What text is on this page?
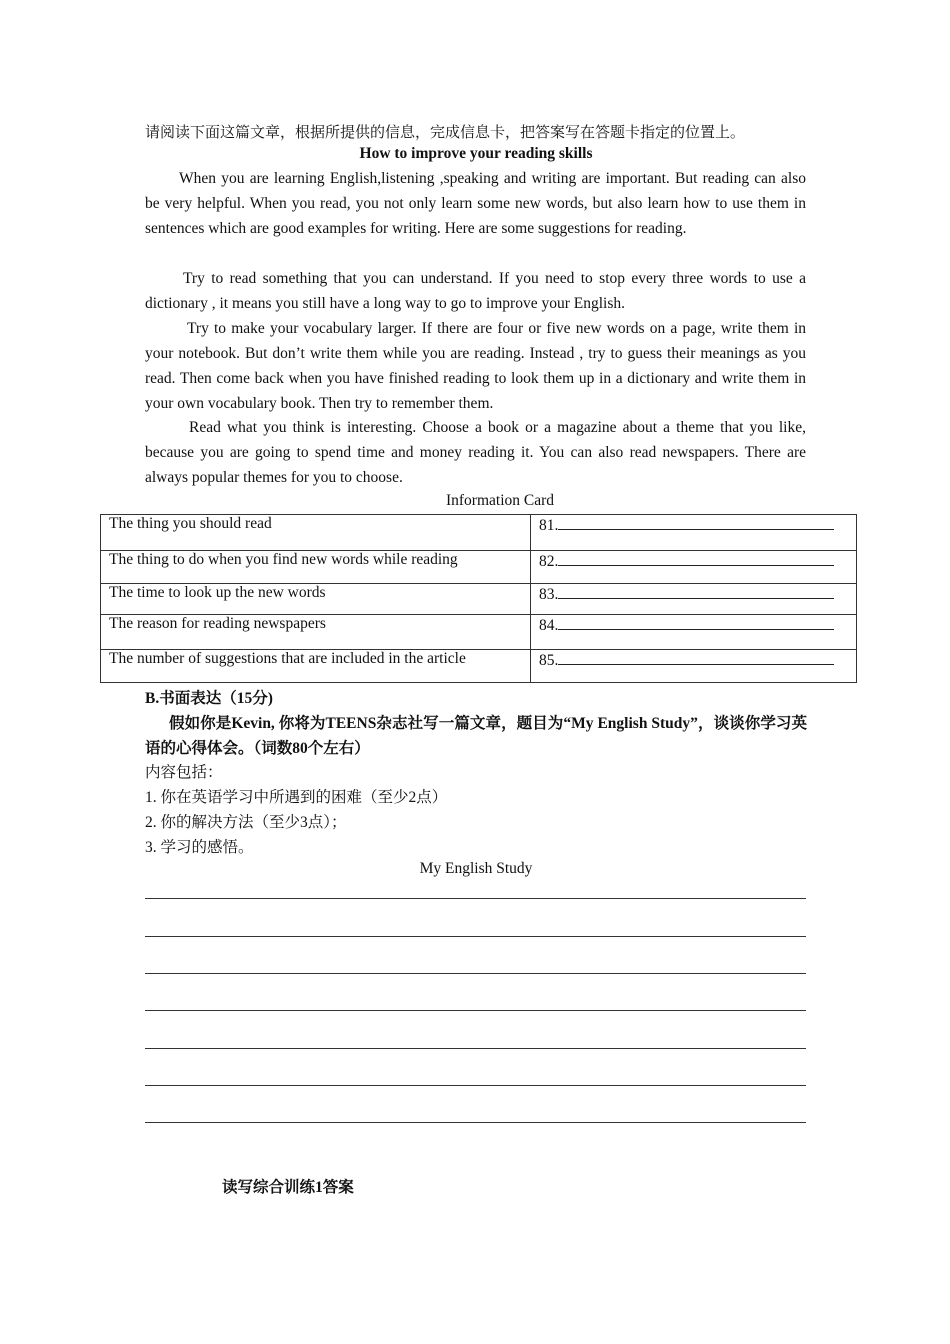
请阅读下面这篇文章，根据所提供的信息，完成信息卡，把答案写在答题卡指定的位置上。
How to improve your reading skills
When you are learning English,listening ,speaking and writing are important. But reading can also be very helpful. When you read, you not only learn some new words, but also learn how to use them in sentences which are good examples for writing. Here are some suggestions for reading.
Try to read something that you can understand. If you need to stop every three words to use a dictionary , it means you still have a long way to go to improve your English.
Try to make your vocabulary larger. If there are four or five new words on a page, write them in your notebook. But don’t write them while you are reading. Instead , try to guess their meanings as you read. Then come back when you have finished reading to look them up in a dictionary and write them in your own vocabulary book. Then try to remember them.
Read what you think is interesting. Choose a book or a magazine about a theme that you like, because you are going to spend time and money reading it. You can also read newspapers. There are always popular themes for you to choose.
Information Card
The thing you should read	81.
The thing to do when you find new words while reading	82.
The time to look up the new words	83.
The reason for reading newspapers	84.
The number of suggestions that are included in the article	85.
B.书面表达（15分)
假如你是Kevin, 你将为TEENS杂志社写一篇文章，题目为“My English Study”，谈谈你学习英语的心得体会。（词数80个左右）
内容包括：
1. 你在英语学习中所遇到的困难（至少2点）
2. 你的解决方法（至少3点）；
3. 学习的感悟。
My English Study
读写综合训练1答案
